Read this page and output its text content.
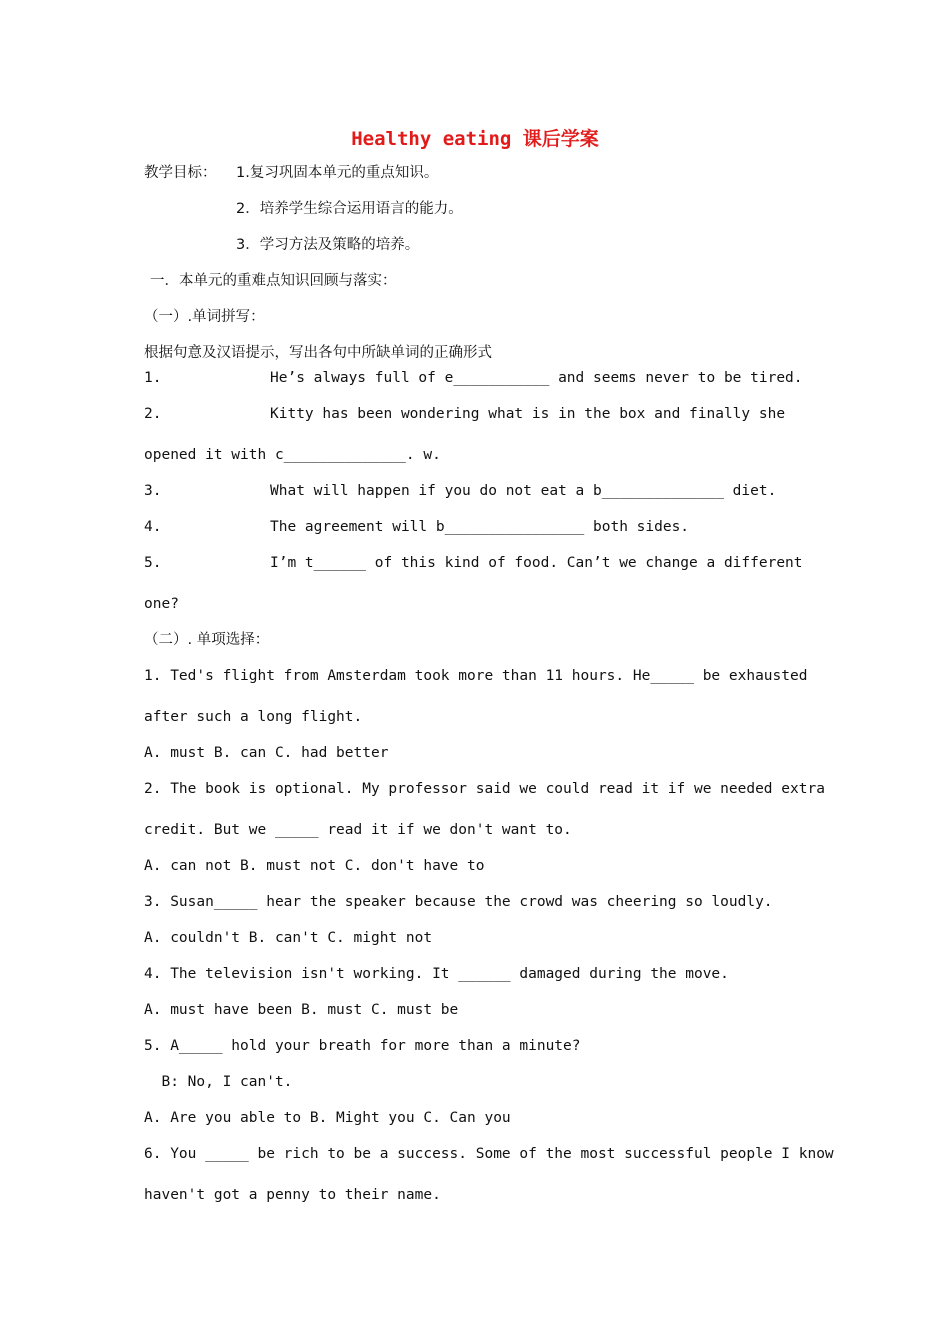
Healthy eating 课后学案
教学目标： 1.复习巩固本单元的重点知识。
2．培养学生综合运用语言的能力。
3．学习方法及策略的培养。
一．本单元的重难点知识回顾与落实：
（一）.单词拼写：
根据句意及汉语提示，写出各句中所缺单词的正确形式
1.	He’s always full of e___________ and seems never to be tired.
2.	Kitty has been wondering what is in the box and finally she
opened it with c______________. w.
3.	What will happen if you do not eat a b______________ diet.
4.	The agreement will b________________ both sides.
5.	I’m t______ of this kind of food. Can’t we change a different
one?
（二）. 单项选择：
1. Ted's flight from Amsterdam took more than 11 hours. He_____ be exhausted
after such a long flight.
A. must B. can C. had better
2. The book is optional. My professor said we could read it if we needed extra
credit. But we _____ read it if we don't want to.
A. can not B. must not C. don't have to
3. Susan_____ hear the speaker because the crowd was cheering so loudly.
A. couldn't B. can't C. might not
4. The television isn't working. It ______ damaged during the move.
A. must have been B. must C. must be
5. A_____ hold your breath for more than a minute?
B: No, I can't.
A. Are you able to B. Might you C. Can you
6. You _____ be rich to be a success. Some of the most successful people I know
haven't got a penny to their name.
